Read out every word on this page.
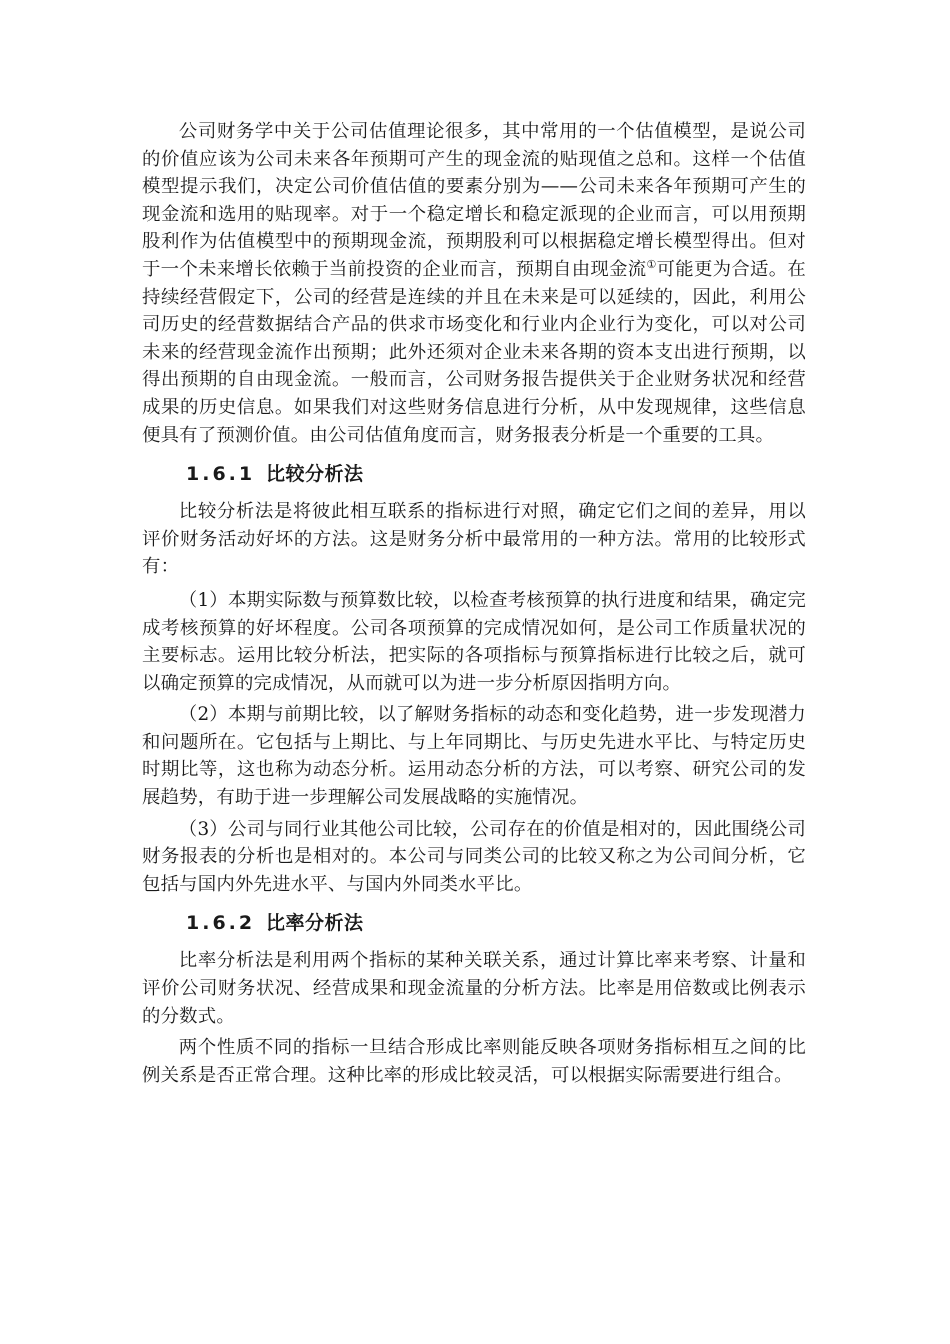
公司财务学中关于公司估值理论很多，其中常用的一个估值模型，是说公司的价值应该为公司未来各年预期可产生的现金流的贴现值之总和。这样一个估值模型提示我们，决定公司价值估值的要素分别为——公司未来各年预期可产生的现金流和选用的贴现率。对于一个稳定增长和稳定派现的企业而言，可以用预期股利作为估值模型中的预期现金流，预期股利可以根据稳定增长模型得出。但对于一个未来增长依赖于当前投资的企业而言，预期自由现金流①可能更为合适。在持续经营假定下，公司的经营是连续的并且在未来是可以延续的，因此，利用公司历史的经营数据结合产品的供求市场变化和行业内企业行为变化，可以对公司未来的经营现金流作出预期；此外还须对企业未来各期的资本支出进行预期，以得出预期的自由现金流。一般而言，公司财务报告提供关于企业财务状况和经营成果的历史信息。如果我们对这些财务信息进行分析，从中发现规律，这些信息便具有了预测价值。由公司估值角度而言，财务报表分析是一个重要的工具。

1.6.1 比较分析法

比较分析法是将彼此相互联系的指标进行对照，确定它们之间的差异，用以评价财务活动好坏的方法。这是财务分析中最常用的一种方法。常用的比较形式有：

（1）本期实际数与预算数比较，以检查考核预算的执行进度和结果，确定完成考核预算的好坏程度。公司各项预算的完成情况如何，是公司工作质量状况的主要标志。运用比较分析法，把实际的各项指标与预算指标进行比较之后，就可以确定预算的完成情况，从而就可以为进一步分析原因指明方向。

（2）本期与前期比较，以了解财务指标的动态和变化趋势，进一步发现潜力和问题所在。它包括与上期比、与上年同期比、与历史先进水平比、与特定历史时期比等，这也称为动态分析。运用动态分析的方法，可以考察、研究公司的发展趋势，有助于进一步理解公司发展战略的实施情况。

（3）公司与同行业其他公司比较，公司存在的价值是相对的，因此围绕公司财务报表的分析也是相对的。本公司与同类公司的比较又称之为公司间分析，它包括与国内外先进水平、与国内外同类水平比。

1.6.2 比率分析法

比率分析法是利用两个指标的某种关联关系，通过计算比率来考察、计量和评价公司财务状况、经营成果和现金流量的分析方法。比率是用倍数或比例表示的分数式。

两个性质不同的指标一旦结合形成比率则能反映各项财务指标相互之间的比例关系是否正常合理。这种比率的形成比较灵活，可以根据实际需要进行组合。
